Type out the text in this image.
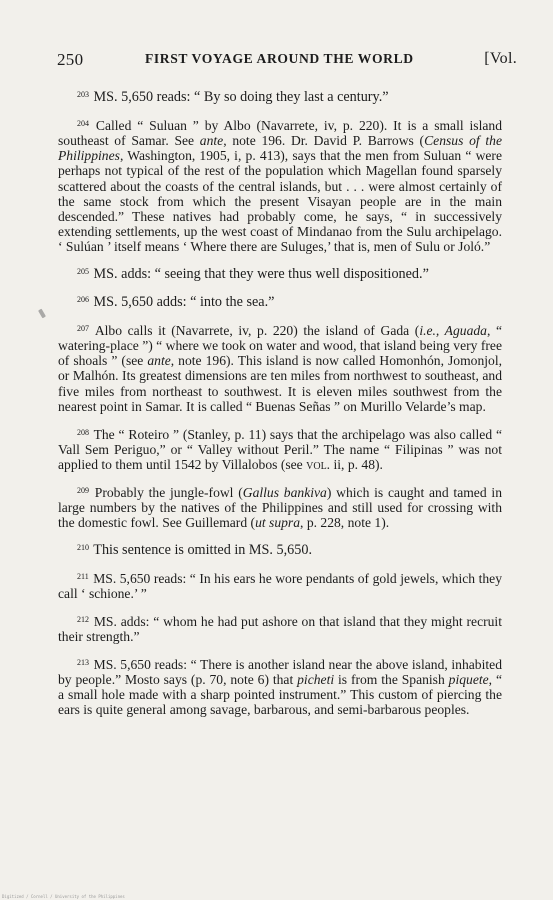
250	FIRST VOYAGE AROUND THE WORLD	[Vol.

$^{203}$ MS. 5,650 reads: “ By so doing they last a century.”

$^{204}$ Called “ Suluan ” by Albo (Navarrete, iv, p. 220). It is a small island southeast of Samar. See ante, note 196. Dr. David P. Barrows (Census of the Philippines, Washington, 1905, i, p. 413), says that the men from Suluan “ were perhaps not typical of the rest of the population which Magellan found sparsely scattered about the coasts of the central islands, but . . . were almost certainly of the same stock from which the present Visayan people are in the main descended.” These natives had probably come, he says, “ in successively extending settlements, up the west coast of Mindanao from the Sulu archipelago. ‘ Sulúan ’ itself means ‘ Where there are Suluges,’ that is, men of Sulu or Joló.”

$^{205}$ MS. adds: “ seeing that they were thus well dispositioned.”

$^{206}$ MS. 5,650 adds: “ into the sea.”

$^{207}$ Albo calls it (Navarrete, iv, p. 220) the island of Gada (i.e., Aguada, “ watering-place ”) “ where we took on water and wood, that island being very free of shoals ” (see ante, note 196). This island is now called Homonhón, Jomonjol, or Malhón. Its greatest dimensions are ten miles from northwest to southeast, and five miles from northeast to southwest. It is eleven miles southwest from the nearest point in Samar. It is called “ Buenas Señas ” on Murillo Velarde’s map.

$^{208}$ The “ Roteiro ” (Stanley, p. 11) says that the archipelago was also called “ Vall Sem Periguo,” or “ Valley without Peril.” The name “ Filipinas ” was not applied to them until 1542 by Villalobos (see vol. ii, p. 48).

$^{209}$ Probably the jungle-fowl (Gallus bankiva) which is caught and tamed in large numbers by the natives of the Philippines and still used for crossing with the domestic fowl. See Guillemard (ut supra, p. 228, note 1).

$^{210}$ This sentence is omitted in MS. 5,650.

$^{211}$ MS. 5,650 reads: “ In his ears he wore pendants of gold jewels, which they call ‘ schione.’ ”

$^{212}$ MS. adds: “ whom he had put ashore on that island that they might recruit their strength.”

$^{213}$ MS. 5,650 reads: “ There is another island near the above island, inhabited by people.” Mosto says (p. 70, note 6) that picheti is from the Spanish piquete, “ a small hole made with a sharp pointed instrument.” This custom of piercing the ears is quite general among savage, barbarous, and semi-barbarous peoples.

Digitized / Cornell / University of the Philippines
